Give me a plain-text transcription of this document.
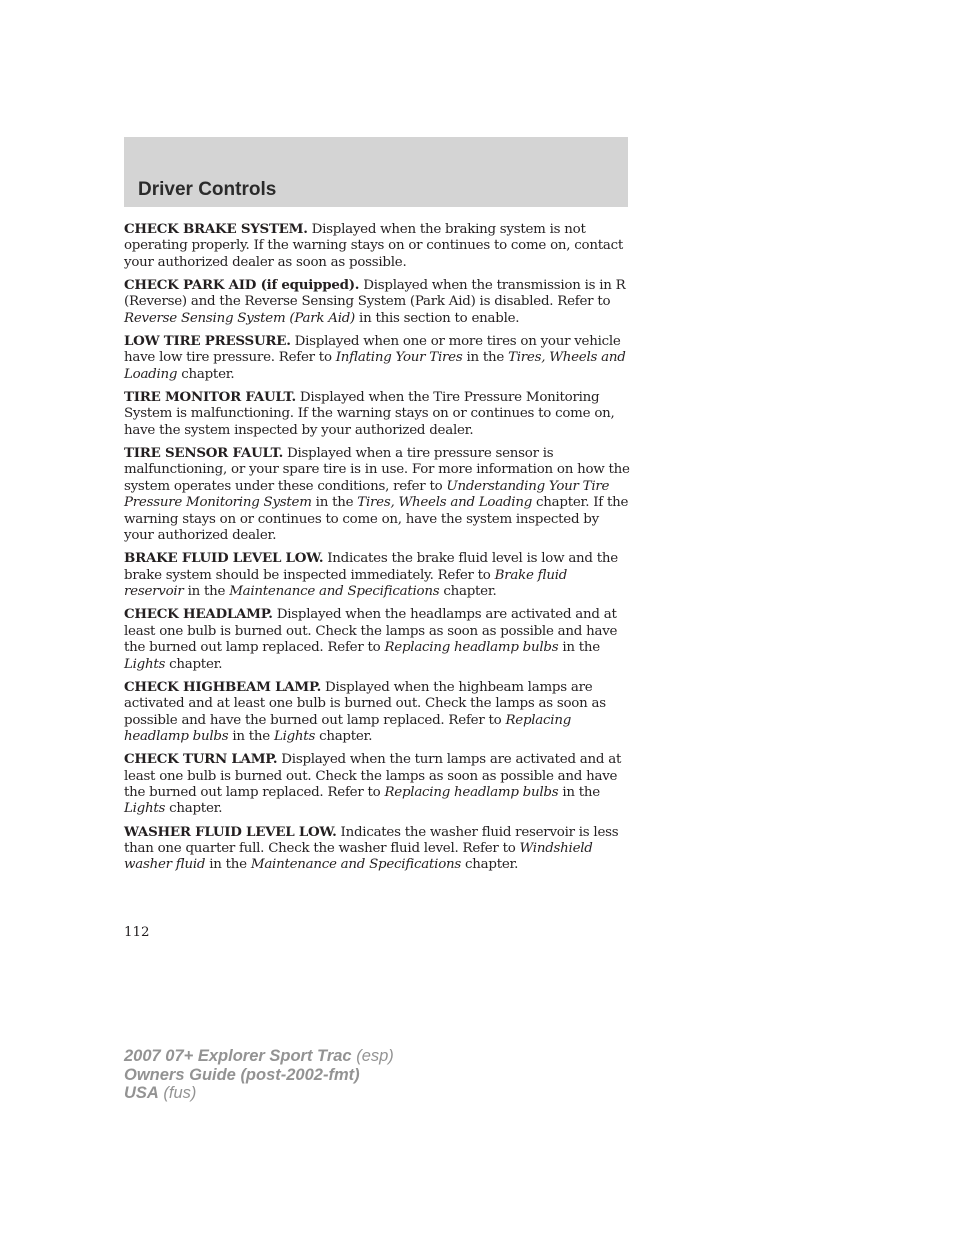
Driver Controls

CHECK BRAKE SYSTEM. Displayed when the braking system is not operating properly. If the warning stays on or continues to come on, contact your authorized dealer as soon as possible.

CHECK PARK AID (if equipped). Displayed when the transmission is in R (Reverse) and the Reverse Sensing System (Park Aid) is disabled. Refer to Reverse Sensing System (Park Aid) in this section to enable.

LOW TIRE PRESSURE. Displayed when one or more tires on your vehicle have low tire pressure. Refer to Inflating Your Tires in the Tires, Wheels and Loading chapter.

TIRE MONITOR FAULT. Displayed when the Tire Pressure Monitoring System is malfunctioning. If the warning stays on or continues to come on, have the system inspected by your authorized dealer.

TIRE SENSOR FAULT. Displayed when a tire pressure sensor is malfunctioning, or your spare tire is in use. For more information on how the system operates under these conditions, refer to Understanding Your Tire Pressure Monitoring System in the Tires, Wheels and Loading chapter. If the warning stays on or continues to come on, have the system inspected by your authorized dealer.

BRAKE FLUID LEVEL LOW. Indicates the brake fluid level is low and the brake system should be inspected immediately. Refer to Brake fluid reservoir in the Maintenance and Specifications chapter.

CHECK HEADLAMP. Displayed when the headlamps are activated and at least one bulb is burned out. Check the lamps as soon as possible and have the burned out lamp replaced. Refer to Replacing headlamp bulbs in the Lights chapter.

CHECK HIGHBEAM LAMP. Displayed when the highbeam lamps are activated and at least one bulb is burned out. Check the lamps as soon as possible and have the burned out lamp replaced. Refer to Replacing headlamp bulbs in the Lights chapter.

CHECK TURN LAMP. Displayed when the turn lamps are activated and at least one bulb is burned out. Check the lamps as soon as possible and have the burned out lamp replaced. Refer to Replacing headlamp bulbs in the Lights chapter.

WASHER FLUID LEVEL LOW. Indicates the washer fluid reservoir is less than one quarter full. Check the washer fluid level. Refer to Windshield washer fluid in the Maintenance and Specifications chapter.

112
2007 07+ Explorer Sport Trac (esp)
Owners Guide (post-2002-fmt)
USA (fus)
